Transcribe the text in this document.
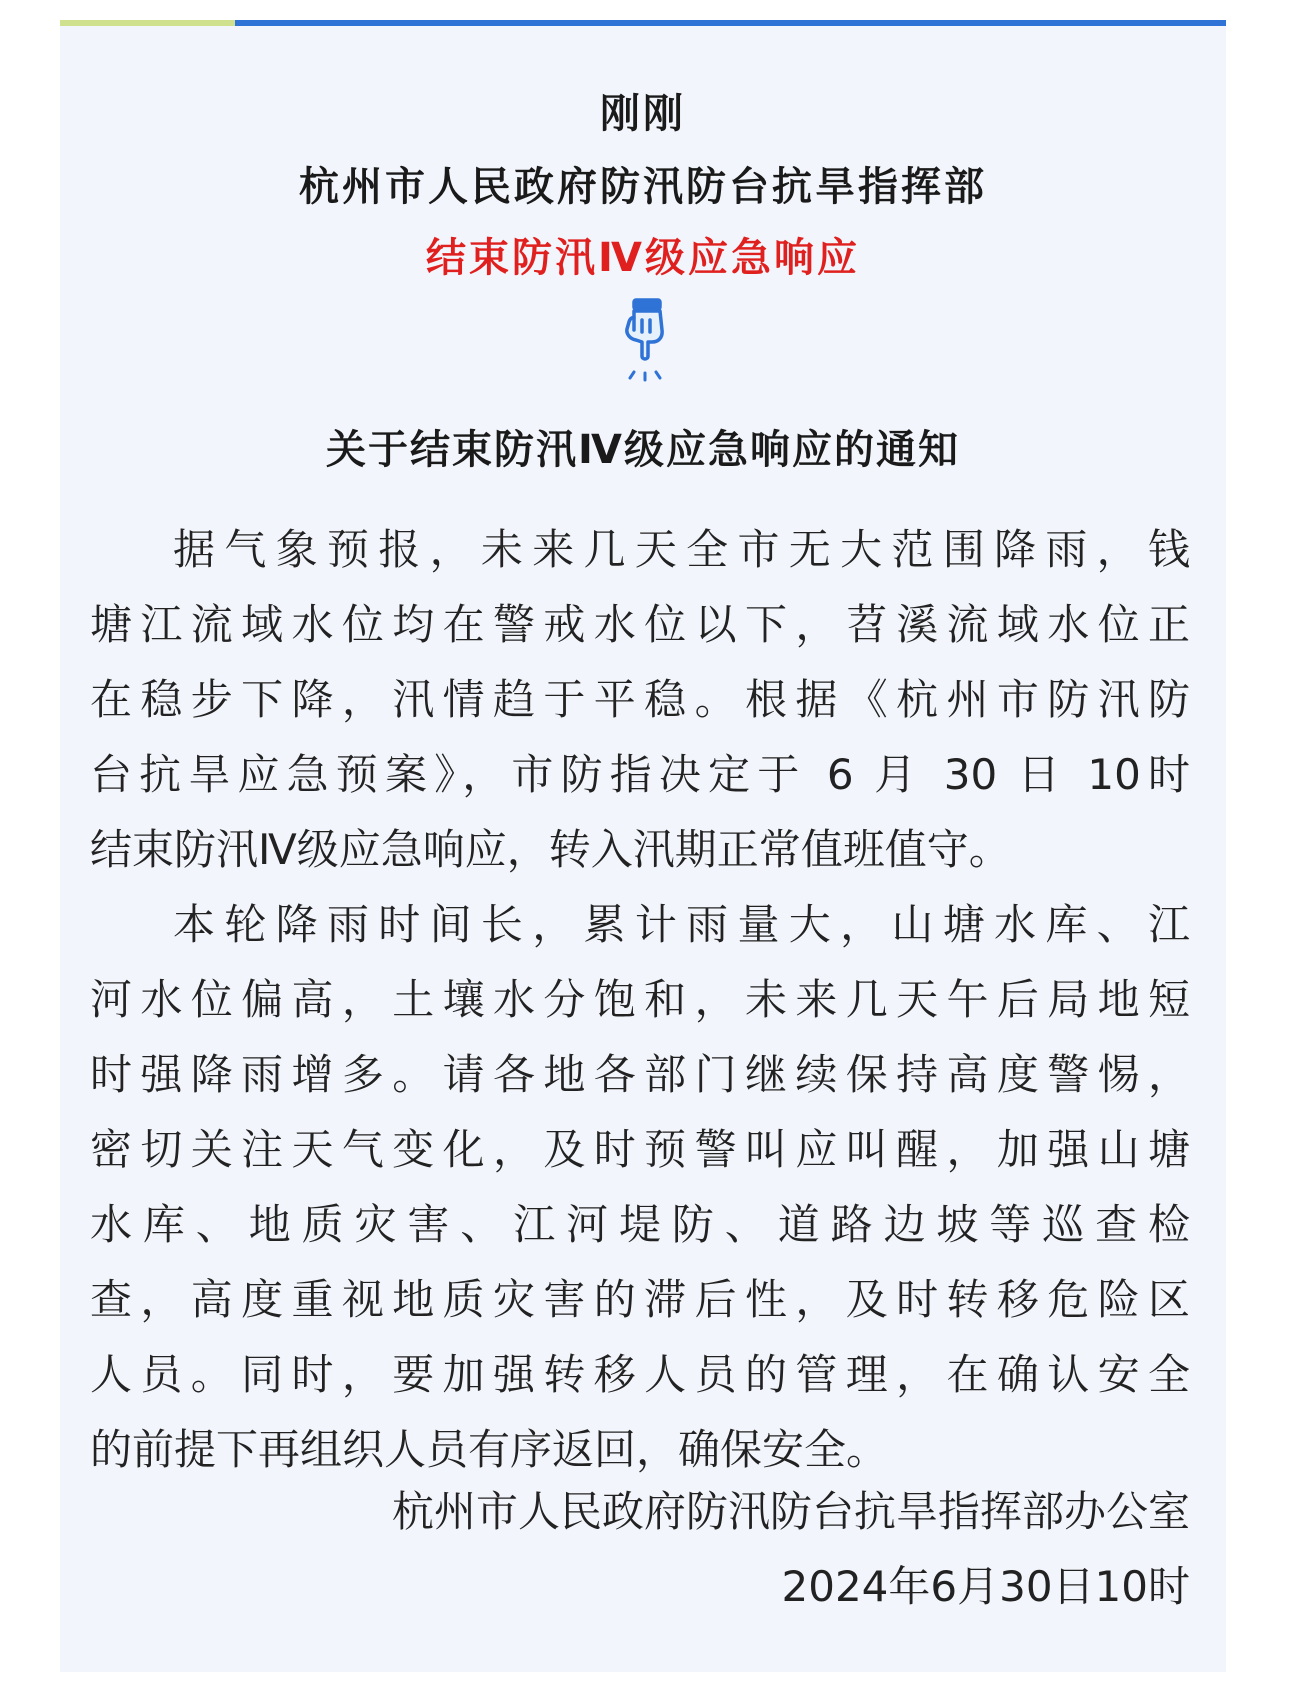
刚刚
杭州市人民政府防汛防台抗旱指挥部
结束防汛Ⅳ级应急响应
关于结束防汛Ⅳ级应急响应的通知
据气象预报，未来几天全市无大范围降雨，钱
塘江流域水位均在警戒水位以下，苕溪流域水位正
在稳步下降，汛情趋于平稳。根据《杭州市防汛防
台抗旱应急预案》，市防指决定于 6 月 30 日 10时
结束防汛Ⅳ级应急响应，转入汛期正常值班值守。
本轮降雨时间长，累计雨量大，山塘水库、江
河水位偏高，土壤水分饱和，未来几天午后局地短
时强降雨增多。请各地各部门继续保持高度警惕，
密切关注天气变化，及时预警叫应叫醒，加强山塘
水库、地质灾害、江河堤防、道路边坡等巡查检
查，高度重视地质灾害的滞后性，及时转移危险区
人员。同时，要加强转移人员的管理，在确认安全
的前提下再组织人员有序返回，确保安全。
杭州市人民政府防汛防台抗旱指挥部办公室
2024年6月30日10时
